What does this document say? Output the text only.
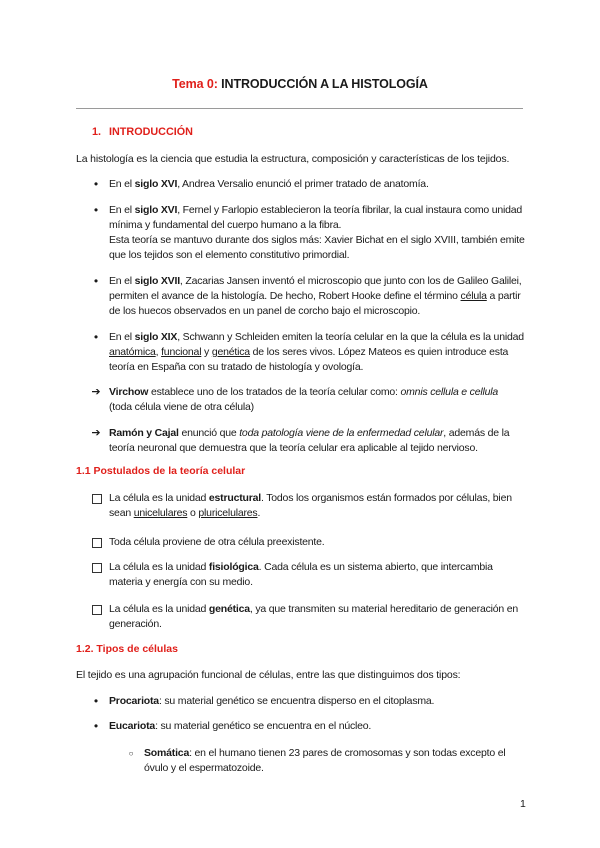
Tema 0: INTRODUCCIÓN A LA HISTOLOGÍA
1. INTRODUCCIÓN
La histología es la ciencia que estudia la estructura, composición y características de los tejidos.
●
En el siglo XVI, Andrea Versalio enunció el primer tratado de anatomía.
●
En el siglo XVI, Fernel y Farlopio establecieron la teoría fibrilar, la cual instaura como unidad mínima y fundamental del cuerpo humano a la fibra.
Esta teoría se mantuvo durante dos siglos más: Xavier Bichat en el siglo XVIII, también emite que los tejidos son el elemento constitutivo primordial.
●
En el siglo XVII, Zacarias Jansen inventó el microscopio que junto con los de Galileo Galilei, permiten el avance de la histología. De hecho, Robert Hooke define el término célula a partir de los huecos observados en un panel de corcho bajo el microscopio.
●
En el siglo XIX, Schwann y Schleiden emiten la teoría celular en la que la célula es la unidad anatómica, funcional y genética de los seres vivos. López Mateos es quien introduce esta teoría en España con su tratado de histología y ovología.
➔ Virchow establece uno de los tratados de la teoría celular como: omnis cellula e cellula
(toda célula viene de otra célula)
➔ Ramón y Cajal enunció que toda patología viene de la enfermedad celular, además de la teoría neuronal que demuestra que la teoría celular era aplicable al tejido nervioso.
1.1 Postulados de la teoría celular
La célula es la unidad estructural. Todos los organismos están formados por células, bien sean unicelulares o pluricelulares.
Toda célula proviene de otra célula preexistente.
La célula es la unidad fisiológica. Cada célula es un sistema abierto, que intercambia materia y energía con su medio.
La célula es la unidad genética, ya que transmiten su material hereditario de generación en generación.
1.2. Tipos de células
El tejido es una agrupación funcional de células, entre las que distinguimos dos tipos:
●
Procariota: su material genético se encuentra disperso en el citoplasma.
●
Eucariota: su material genético se encuentra en el núcleo.
○
Somática: en el humano tienen 23 pares de cromosomas y son todas excepto el óvulo y el espermatozoide.
1
